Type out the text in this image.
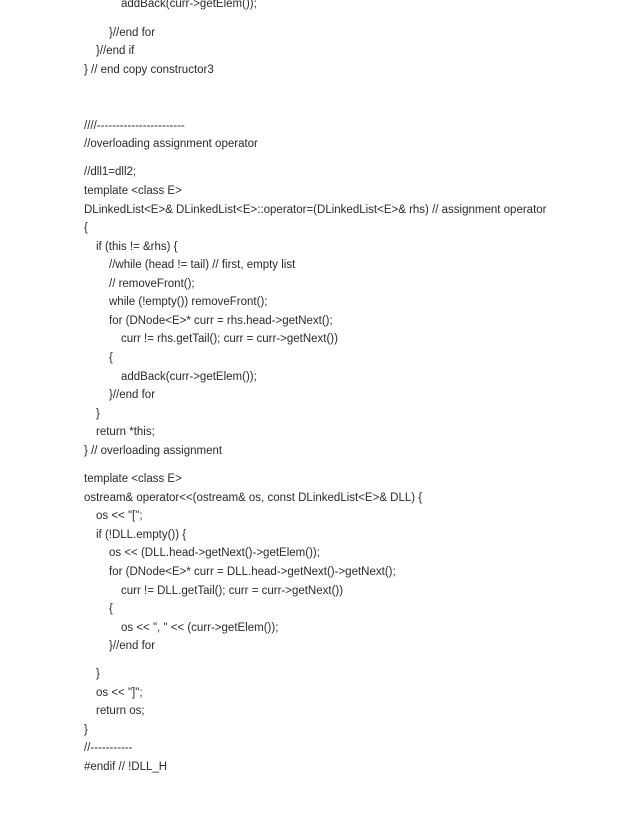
addBack(curr->getElem());
}//end for
}//end if
} // end copy constructor3
////-----------------------
//overloading assignment operator
//dll1=dll2;
template <class E>
DLinkedList<E>& DLinkedList<E>::operator=(DLinkedList<E>& rhs) // assignment operator
{
if (this != &rhs) {
//while (head != tail) // first, empty list
// removeFront();
while (!empty()) removeFront();
for (DNode<E>* curr = rhs.head->getNext();
curr != rhs.getTail(); curr = curr->getNext())
{
addBack(curr->getElem());
}//end for
}
return *this;
} // overloading assignment
template <class E>
ostream& operator<<(ostream& os, const DLinkedList<E>& DLL) {
os << "[";
if (!DLL.empty()) {
os << (DLL.head->getNext()->getElem());
for (DNode<E>* curr = DLL.head->getNext()->getNext();
curr != DLL.getTail(); curr = curr->getNext())
{
os << ", " << (curr->getElem());
}//end for
}
os << "]";
return os;
}
//-----------
#endif // !DLL_H
